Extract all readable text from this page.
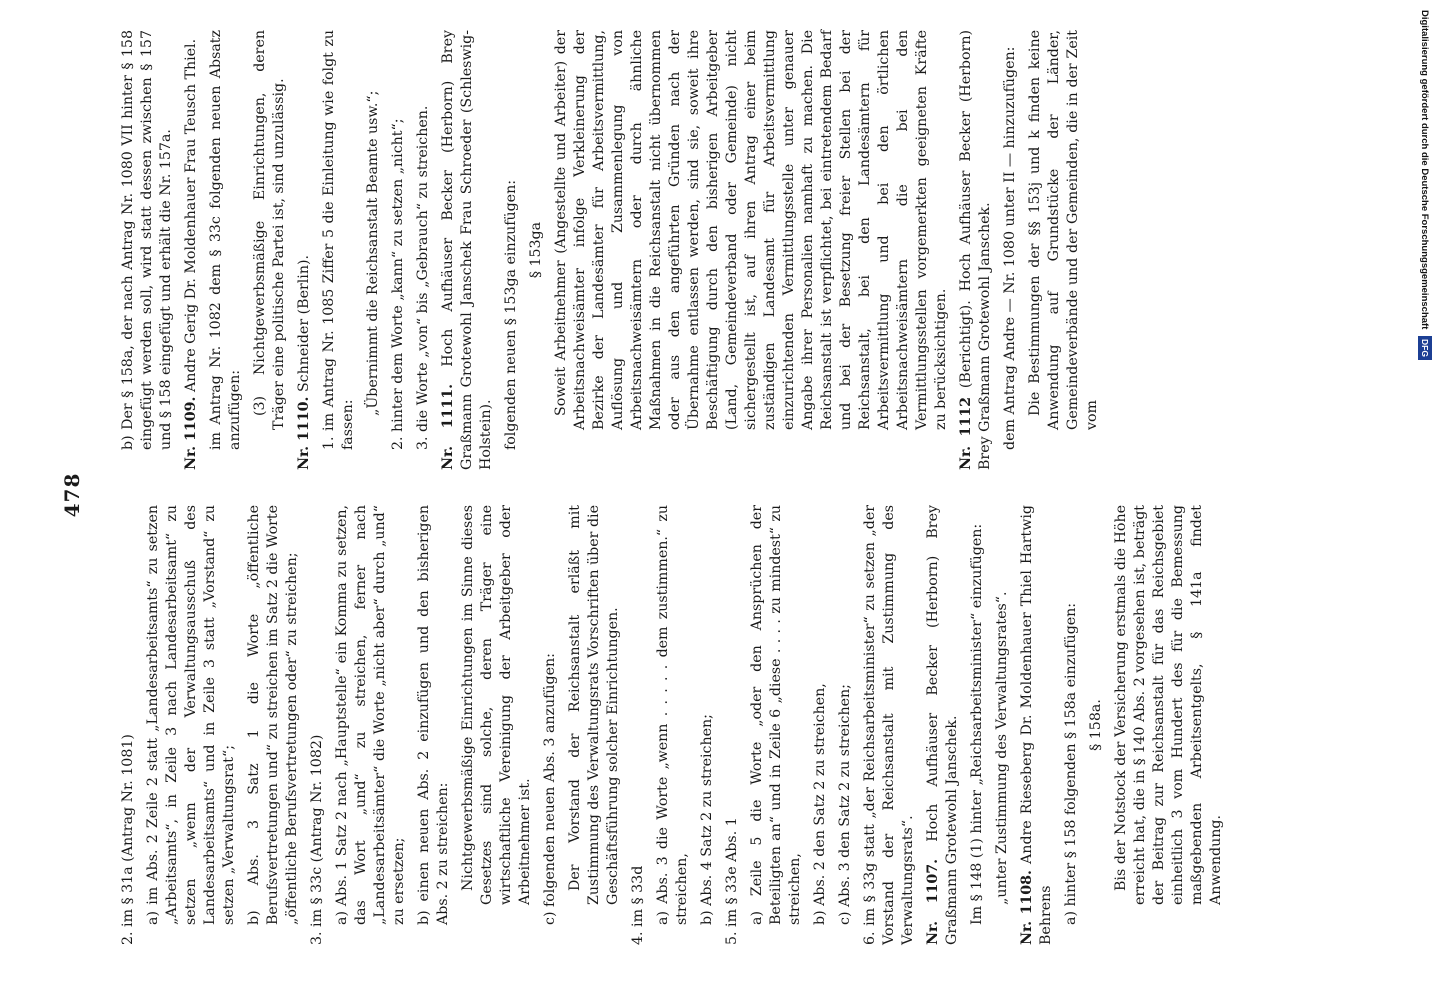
478

2. im § 31a (Antrag Nr. 1081) a) im Abs. 2 Zeile 2 statt „Landesarbeitsamts“ zu setzen „Arbeitsamts“, in Zeile 3 nach Landesarbeitsamt“ zu setzen „wenn der Verwaltungsausschuß des Landesarbeitsamts“ und in Zeile 3 statt „Vorstand“ zu setzen „Verwaltungsrat“; b) Abs. 3 Satz 1 die Worte „öffentliche Berufsvertretungen und“ zu streichen im Satz 2 die Worte „öffentliche Berufsvertretungen oder“ zu streichen; 3. im § 33c (Antrag Nr. 1082) a) Abs. 1 Satz 2 nach „Hauptstelle“ ein Komma zu setzen, das Wort „und“ zu streichen, ferner nach „Landesarbeitsämter“ die Worte „nicht aber“ durch „und“ zu ersetzen; b) einen neuen Abs. 2 einzufügen und den bisherigen Abs. 2 zu streichen: Nichtgewerbsmäßige Einrichtungen im Sinne dieses Gesetzes sind solche, deren Träger eine wirtschaftliche Vereinigung der Arbeitgeber oder Arbeitnehmer ist. c) folgenden neuen Abs. 3 anzufügen: Der Vorstand der Reichsanstalt erläßt mit Zustimmung des Verwaltungsrats Vorschriften über die Geschäftsführung solcher Einrichtungen.

4. im § 33d a) Abs. 3 die Worte „wenn . . . . . dem zustimmen.“ zu streichen, b) Abs. 4 Satz 2 zu streichen; 5. im § 33e Abs. 1 a) Zeile 5 die Worte „oder den Ansprüchen der Beteiligten an“ und in Zeile 6 „diese . . . . zu mindest“ zu streichen, b) Abs. 2 den Satz 2 zu streichen, c) Abs. 3 den Satz 2 zu streichen; 6. im § 33g statt „der Reichsarbeitsminister“ zu setzen „der Vorstand der Reichsanstalt mit Zustimmung des Verwaltungsrats“. Nr. 1107. Hoch Aufhäuser Becker (Herborn) Brey Graßmann Grotewohl Janschek. Im § 148 (1) hinter „Reichsarbeitsminister“ einzufügen: „unter Zustimmung des Verwaltungsrates“.

Nr. 1108. Andre Rieseberg Dr. Moldenhauer Thiel Hartwig Behrens a) hinter § 158 folgenden § 158a einzufügen: § 158a. Bis der Notstock der Versicherung erstmals die Höhe erreicht hat, die in § 140 Abs. 2 vorgesehen ist, beträgt der Beitrag zur Reichsanstalt für das Reichsgebiet einheitlich 3 vom Hundert des für die Bemessung maßgebenden Arbeitsentgelts, § 141a findet Anwendung.

b) Der § 158a, der nach Antrag Nr. 1080 VII hinter § 158 eingefügt werden soll, wird statt dessen zwischen § 157 und § 158 eingefügt und erhält die Nr. 157a. Nr. 1109. Andre Gerig Dr. Moldenhauer Frau Teusch Thiel. im Antrag Nr. 1082 dem § 33c folgenden neuen Absatz anzufügen: (3) Nichtgewerbsmäßige Einrichtungen, deren Träger eine politische Partei ist, sind unzulässig.

Nr. 1110. Schneider (Berlin). 1. im Antrag Nr. 1085 Ziffer 5 die Einleitung wie folgt zu fassen:

„Übernimmt die Reichsanstalt Beamte usw.“; 2. hinter dem Worte „kann“ zu setzen „nicht“; 3. die Worte „von“ bis „Gebrauch“ zu streichen. Nr. 1111. Hoch Aufhäuser Becker (Herborn) Brey Graßmann Grotewohl Janschek Frau Schroeder (Schleswig-Holstein). folgenden neuen § 153ga einzufügen: § 153ga Soweit Arbeitnehmer (Angestellte und Arbeiter) der Arbeitsnachweisämter infolge Verkleinerung der Bezirke der Landesämter für Arbeitsvermittlung, Auflösung und Zusammenlegung von Arbeitsnachweisämtern oder durch ähnliche Maßnahmen in die Reichsanstalt nicht übernommen oder aus den angeführten Gründen nach der Übernahme entlassen werden, sind sie, soweit ihre Beschäftigung durch den bisherigen Arbeitgeber (Land, Gemeindeverband oder Gemeinde) nicht sichergestellt ist, auf ihren Antrag einer beim zuständigen Landesamt für Arbeitsvermittlung einzurichtenden Vermittlungsstelle unter genauer Angabe ihrer Personalien namhaft zu machen. Die Reichsanstalt ist verpflichtet, bei eintretendem Bedarf und bei der Besetzung freier Stellen bei der Reichsanstalt, bei den Landesämtern für Arbeitsvermittlung und bei den örtlichen Arbeitsnachweisämtern die bei den Vermittlungsstellen vorgemerkten geeigneten Kräfte zu berücksichtigen.

Nr. 1112 (Berichtigt). Hoch Aufhäuser Becker (Herborn) Brey Graßmann Grotewohl Janschek. dem Antrag Andre — Nr. 1080 unter II — hinzuzufügen: Die Bestimmungen der §§ 153j und k finden keine Anwendung auf Grundstücke der Länder, Gemeindeverbände und der Gemeinden, die in der Zeit vom

Digitalisierung gefördert durch die Deutsche Forschungsgemeinschaft DFG
